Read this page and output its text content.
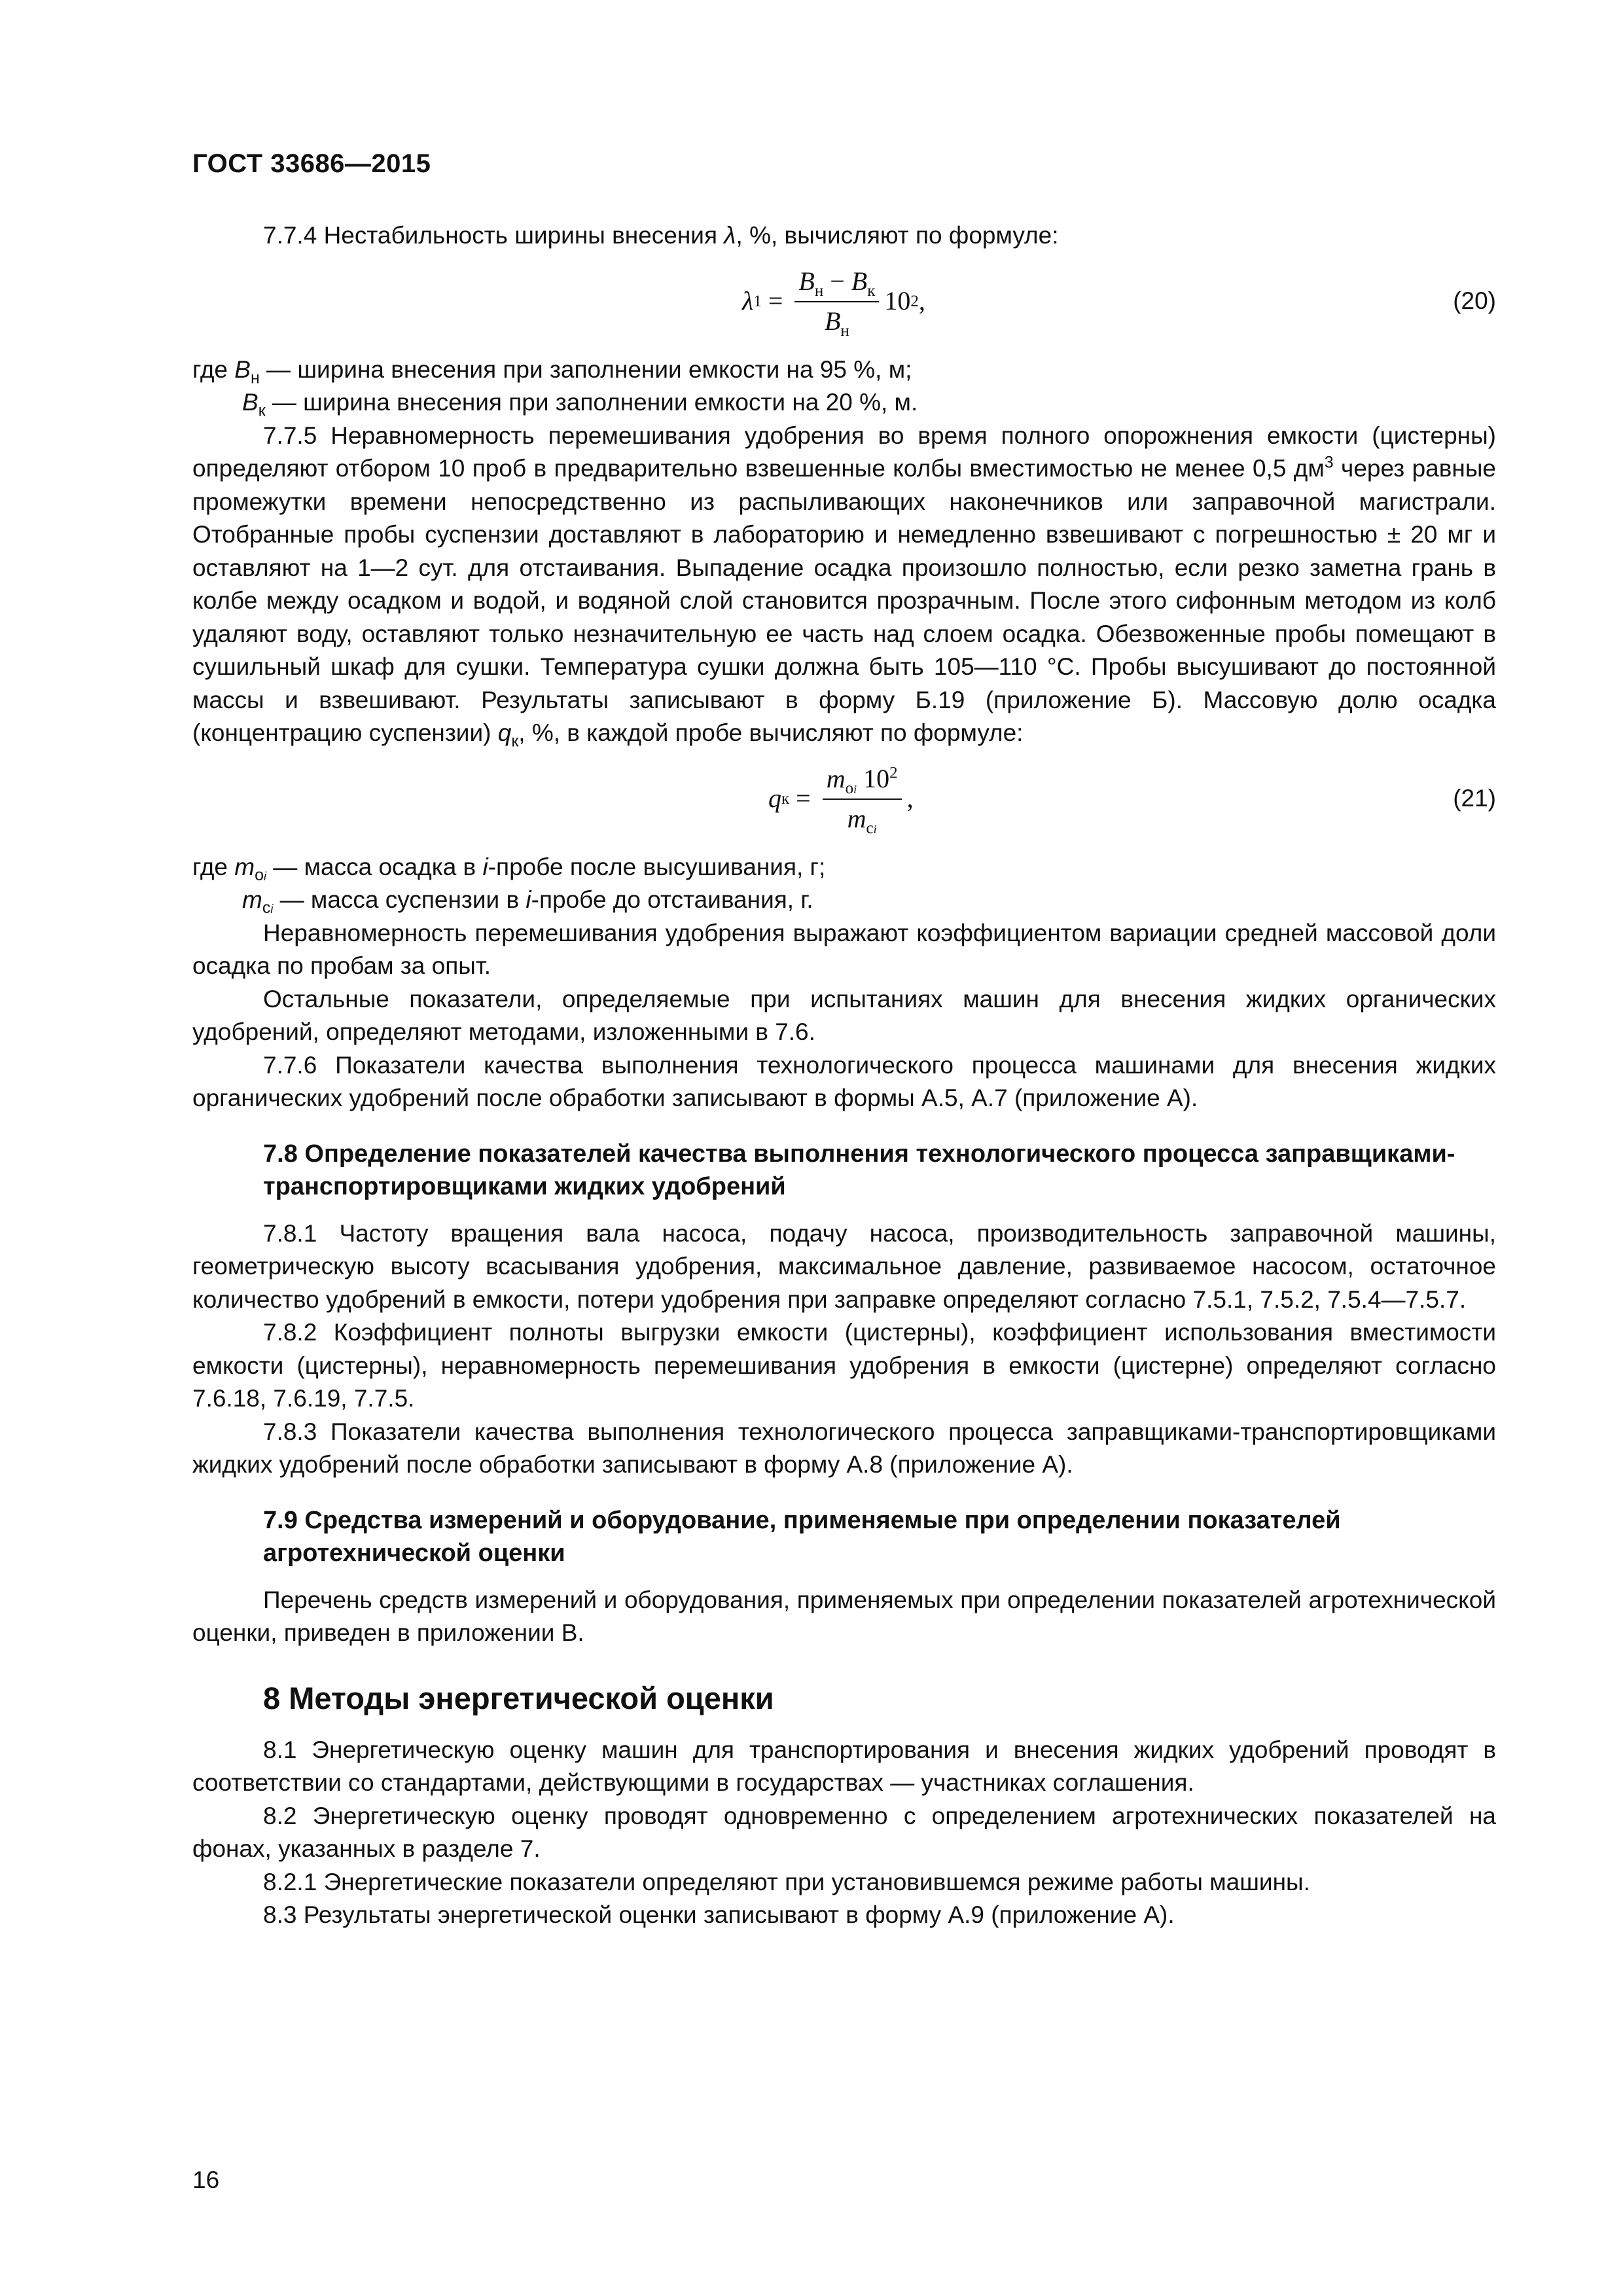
ГОСТ 33686—2015

7.7.4 Нестабильность ширины внесения λ, %, вычисляют по формуле:

λ $1 = \frac{B_н - B_к}{B_н} 10$ 2 ,	(20)

где $B_н$ — ширина внесения при заполнении емкости на 95 %, м;

$B_к$ — ширина внесения при заполнении емкости на 20 %, м.

7.7.5 Неравномерность перемешивания удобрения во время полного опорожнения емкости (цистерны) определяют отбором 10 проб в предварительно взвешенные колбы вместимостью не менее 0,5 $дм^3$ через равные промежутки времени непосредственно из распыливающих наконечников или заправочной магистрали. Отобранные пробы суспензии доставляют в лабораторию и немедленно взвешивают с погрешностью ± 20 мг и оставляют на 1—2 сут. для отстаивания. Выпадение осадка произошло полностью, если резко заметна грань в колбе между осадком и водой, и водяной слой становится прозрачным. После этого сифонным методом из колб удаляют воду, оставляют только незначительную ее часть над слоем осадка. Обезвоженные пробы помещают в сушильный шкаф для сушки. Температура сушки должна быть 105—110 °С. Пробы высушивают до постоянной массы и взвешивают. Результаты записывают в форму Б.19 (приложение Б). Массовую долю осадка (концентрацию суспензии) $q_к$, %, в каждой пробе вычисляют по формуле:

q $к = \frac{m_{oi} 10^2}{m_{ci}}$ ,	(21)

где $m_{oi}$ — масса осадка в i-пробе после высушивания, г;

$m_{ci}$ — масса суспензии в i-пробе до отстаивания, г.

Неравномерность перемешивания удобрения выражают коэффициентом вариации средней массовой доли осадка по пробам за опыт.

Остальные показатели, определяемые при испытаниях машин для внесения жидких органических удобрений, определяют методами, изложенными в 7.6.

7.7.6 Показатели качества выполнения технологического процесса машинами для внесения жидких органических удобрений после обработки записывают в формы А.5, А.7 (приложение А).

7.8 Определение показателей качества выполнения технологического процесса заправщиками-транспортировщиками жидких удобрений

7.8.1 Частоту вращения вала насоса, подачу насоса, производительность заправочной машины, геометрическую высоту всасывания удобрения, максимальное давление, развиваемое насосом, остаточное количество удобрений в емкости, потери удобрения при заправке определяют согласно 7.5.1, 7.5.2, 7.5.4—7.5.7.

7.8.2 Коэффициент полноты выгрузки емкости (цистерны), коэффициент использования вместимости емкости (цистерны), неравномерность перемешивания удобрения в емкости (цистерне) определяют согласно 7.6.18, 7.6.19, 7.7.5.

7.8.3 Показатели качества выполнения технологического процесса заправщиками-транспортировщиками жидких удобрений после обработки записывают в форму А.8 (приложение А).

7.9 Средства измерений и оборудование, применяемые при определении показателей агротехнической оценки

Перечень средств измерений и оборудования, применяемых при определении показателей агротехнической оценки, приведен в приложении В.

8 Методы энергетической оценки

8.1 Энергетическую оценку машин для транспортирования и внесения жидких удобрений проводят в соответствии со стандартами, действующими в государствах — участниках соглашения.

8.2 Энергетическую оценку проводят одновременно с определением агротехнических показателей на фонах, указанных в разделе 7.

8.2.1 Энергетические показатели определяют при установившемся режиме работы машины.

8.3 Результаты энергетической оценки записывают в форму А.9 (приложение А).

16
